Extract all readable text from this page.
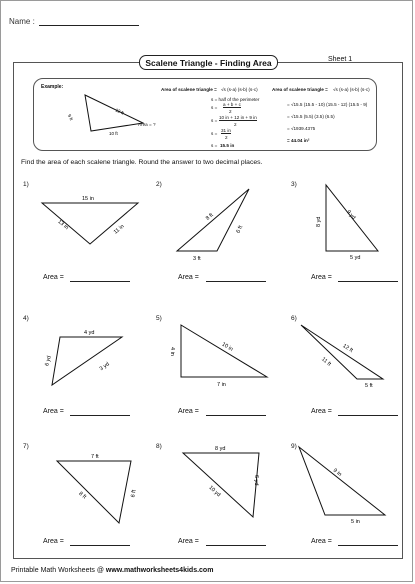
Name :
Scalene Triangle - Finding Area	Sheet 1
Example:
9 ft
12 ft
10 ft
Area = ?
Area of scalene triangle = √s (s-a) (s-b) (s-c)
s = half of the perimeter
s =
a + b + c
2
s =
10 in + 12 in + 9 in
2
s =
31 in
2
s = 15.5 in
Area of scalene triangle = √s (s-a) (s-b) (s-c)
= √15.5 (15.5 - 10) (15.5 - 12) (15.5 - 9)
= √15.5 (5.5) (3.5) (6.5)
= √1939.4375
= 44.04 in²
Find the area of each scalene triangle. Round the answer to two decimal places.
1)
15 in
13 in	11 in
Area =
2)
8 ft
6 ft
3 ft
Area =
3)
9 yd
8 yd
5 yd
Area =
4)
4 yd
6 yd	3 yd
Area =
5)
10 in
4 in
7 in
Area =
6)
12 ft
11 ft
5 ft
Area =
7)
7 ft
8 ft	6 ft
Area =
8)	8 yd
6 yd
10 yd
Area =
9)
9 in
5 in
Area =
Printable Math Worksheets @ www.mathworksheets4kids.com
